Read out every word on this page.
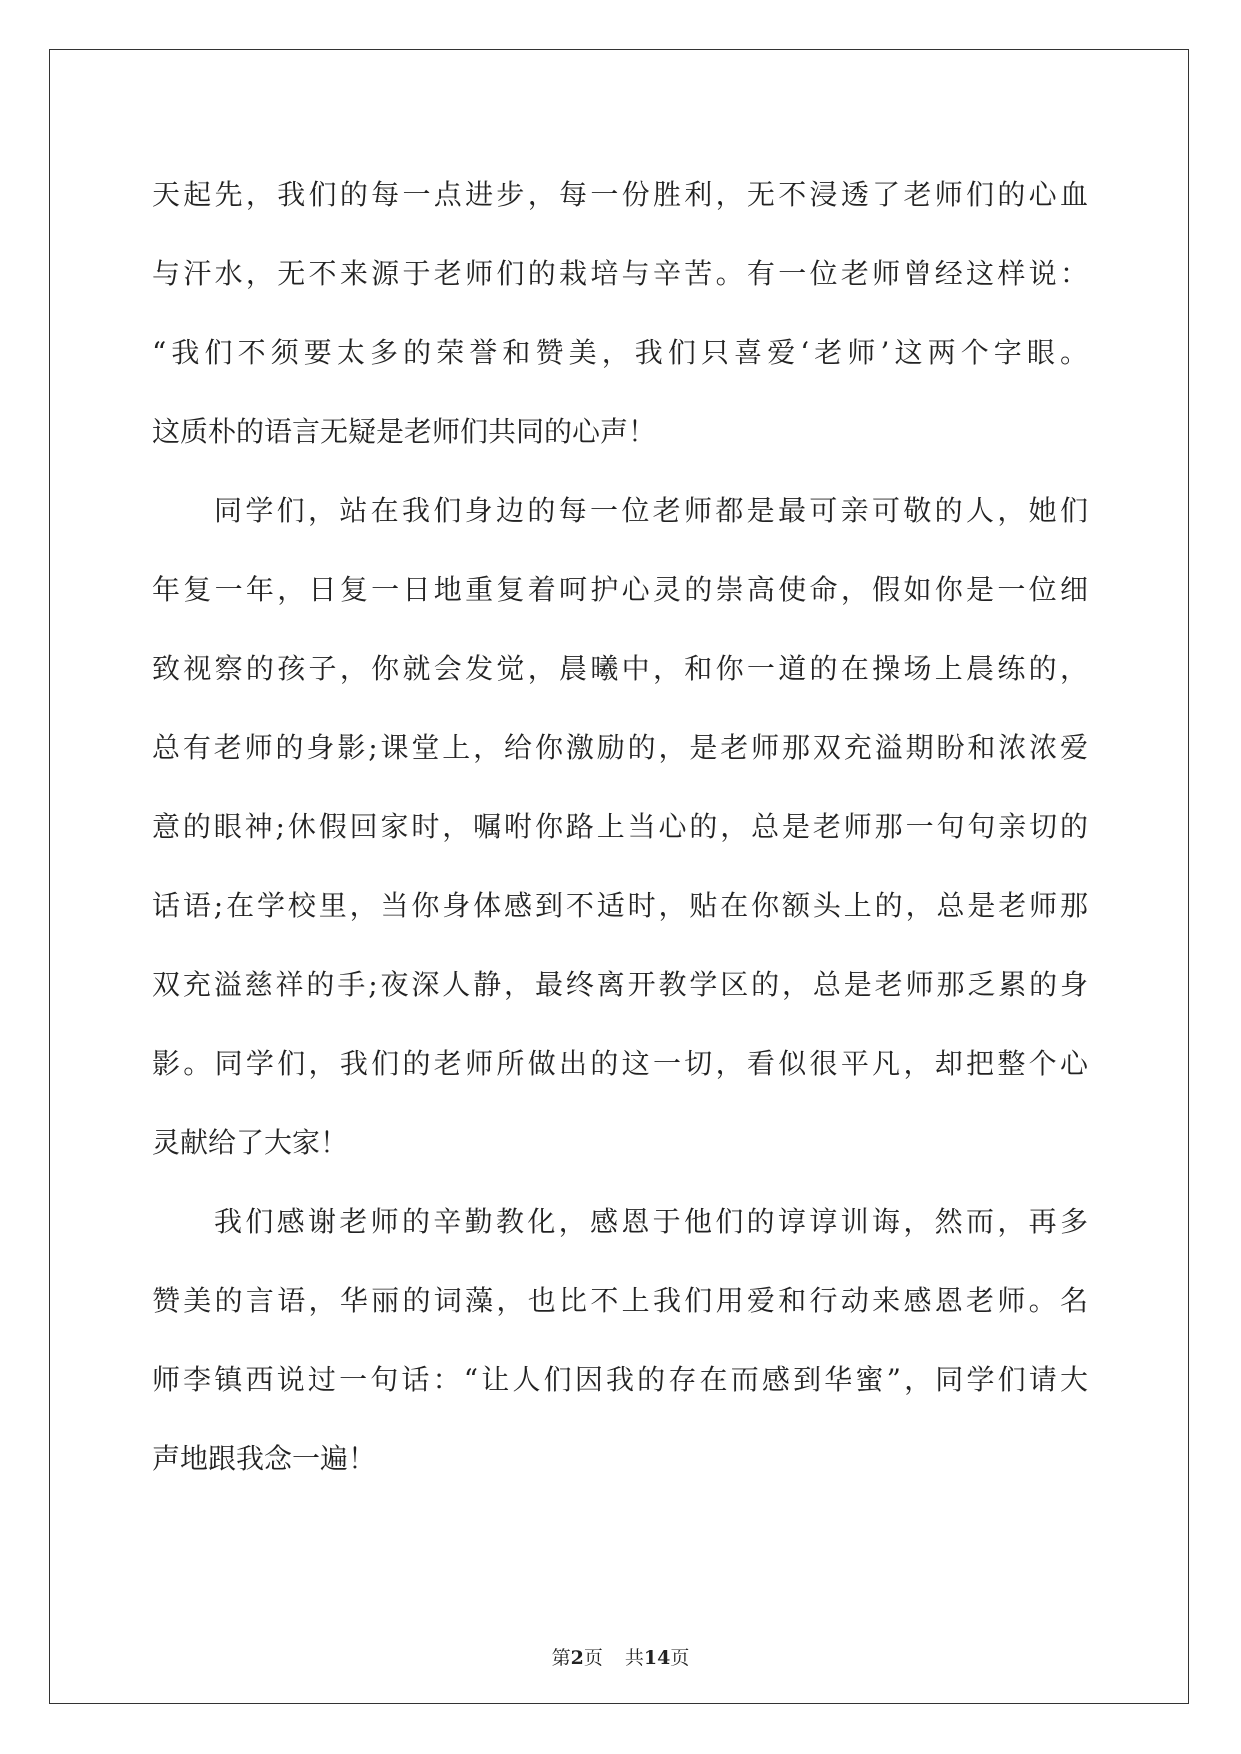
天起先，我们的每一点进步，每一份胜利，无不浸透了老师们的心血
与汗水，无不来源于老师们的栽培与辛苦。有一位老师曾经这样说：
“我们不须要太多的荣誉和赞美，我们只喜爱‘老师’这两个字眼。
这质朴的语言无疑是老师们共同的心声！
同学们，站在我们身边的每一位老师都是最可亲可敬的人，她们
年复一年，日复一日地重复着呵护心灵的崇高使命，假如你是一位细
致视察的孩子，你就会发觉，晨曦中，和你一道的在操场上晨练的，
总有老师的身影;课堂上，给你激励的，是老师那双充溢期盼和浓浓爱
意的眼神;休假回家时，嘱咐你路上当心的，总是老师那一句句亲切的
话语;在学校里，当你身体感到不适时，贴在你额头上的，总是老师那
双充溢慈祥的手;夜深人静，最终离开教学区的，总是老师那乏累的身
影。同学们，我们的老师所做出的这一切，看似很平凡，却把整个心
灵献给了大家！
我们感谢老师的辛勤教化，感恩于他们的谆谆训诲，然而，再多
赞美的言语，华丽的词藻，也比不上我们用爱和行动来感恩老师。名
师李镇西说过一句话：“让人们因我的存在而感到华蜜”，同学们请大
声地跟我念一遍！
第2页 共14页
